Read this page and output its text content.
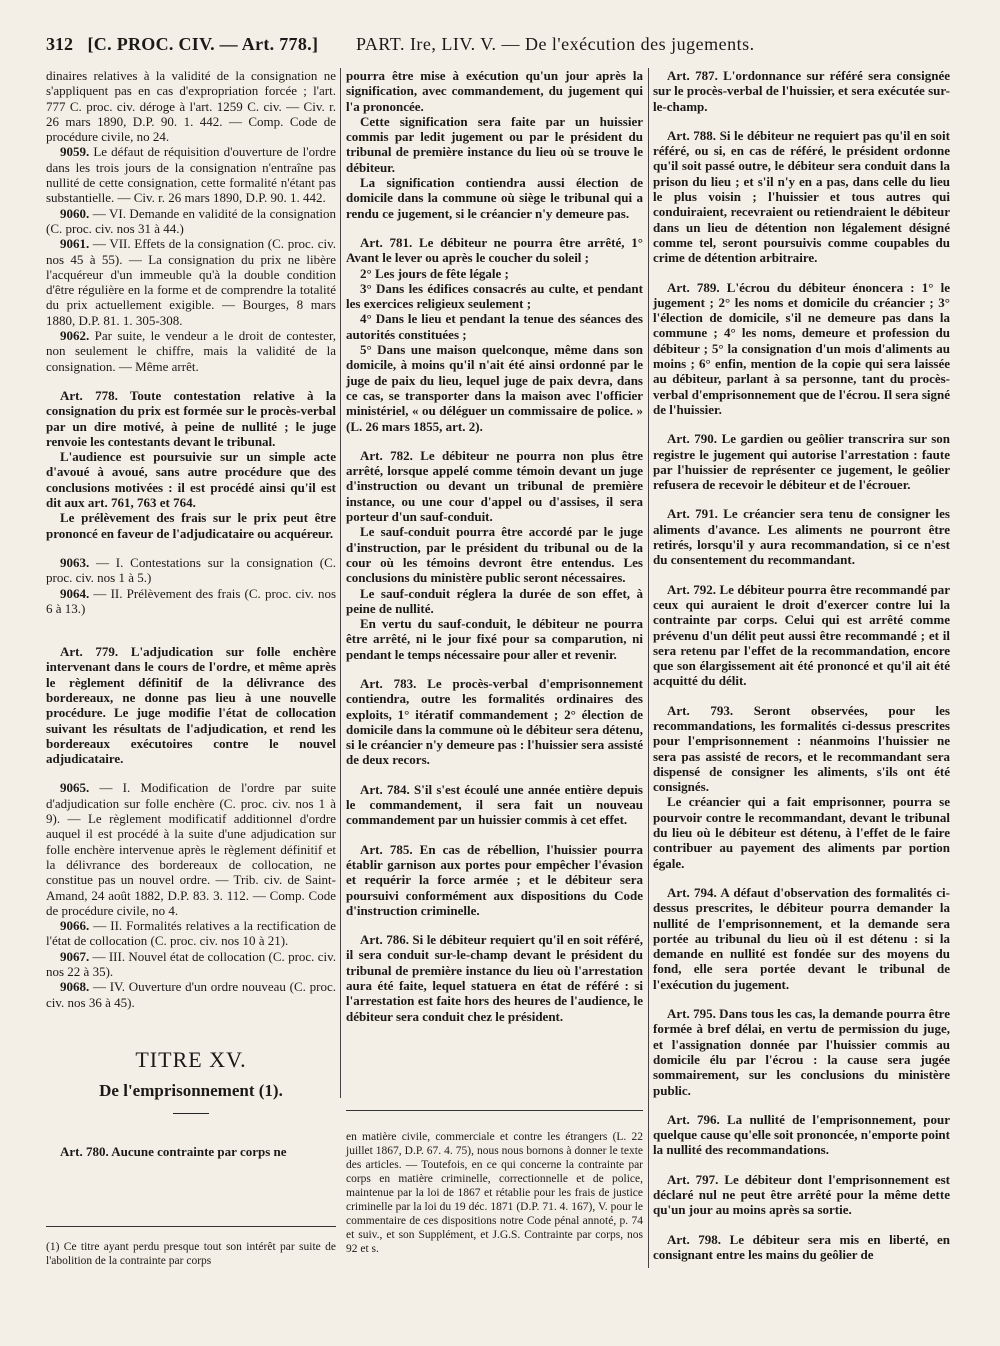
312 [C. PROC. CIV. — Art. 778.] PART. Ire, LIV. V. — De l'exécution des jugements.

dinaires relatives à la validité de la consignation ne s'appliquent pas en cas d'expropriation forcée ; l'art. 777 C. proc. civ. déroge à l'art. 1259 C. civ. — Civ. r. 26 mars 1890, D.P. 90. 1. 442. — Comp. Code de procédure civile, no 24.

9059. Le défaut de réquisition d'ouverture de l'ordre dans les trois jours de la consignation n'entraîne pas nullité de cette consignation, cette formalité n'étant pas substantielle. — Civ. r. 26 mars 1890, D.P. 90. 1. 442.

9060. — VI. Demande en validité de la consignation (C. proc. civ. nos 31 à 44.)

9061. — VII. Effets de la consignation (C. proc. civ. nos 45 à 55). — La consignation du prix ne libère l'acquéreur d'un immeuble qu'à la double condition d'être régulière en la forme et de comprendre la totalité du prix actuellement exigible. — Bourges, 8 mars 1880, D.P. 81. 1. 305-308.

9062. Par suite, le vendeur a le droit de contester, non seulement le chiffre, mais la validité de la consignation. — Même arrêt.

Art. 778. Toute contestation relative à la consignation du prix est formée sur le procès-verbal par un dire motivé, à peine de nullité ; le juge renvoie les contestants devant le tribunal.

L'audience est poursuivie sur un simple acte d'avoué à avoué, sans autre procédure que des conclusions motivées : il est procédé ainsi qu'il est dit aux art. 761, 763 et 764.

Le prélèvement des frais sur le prix peut être prononcé en faveur de l'adjudicataire ou acquéreur.

9063. — I. Contestations sur la consignation (C. proc. civ. nos 1 à 5.)

9064. — II. Prélèvement des frais (C. proc. civ. nos 6 à 13.)

Art. 779. L'adjudication sur folle enchère intervenant dans le cours de l'ordre, et même après le règlement définitif de la délivrance des bordereaux, ne donne pas lieu à une nouvelle procédure. Le juge modifie l'état de collocation suivant les résultats de l'adjudication, et rend les bordereaux exécutoires contre le nouvel adjudicataire.

9065. — I. Modification de l'ordre par suite d'adjudication sur folle enchère (C. proc. civ. nos 1 à 9). — Le règlement modificatif additionnel d'ordre auquel il est procédé à la suite d'une adjudication sur folle enchère intervenue après le règlement définitif et la délivrance des bordereaux de collocation, ne constitue pas un nouvel ordre. — Trib. civ. de Saint-Amand, 24 août 1882, D.P. 83. 3. 112. — Comp. Code de procédure civile, no 4.

9066. — II. Formalités relatives a la rectification de l'état de collocation (C. proc. civ. nos 10 à 21).

9067. — III. Nouvel état de collocation (C. proc. civ. nos 22 à 35).

9068. — IV. Ouverture d'un ordre nouveau (C. proc. civ. nos 36 à 45).

TITRE XV.
De l'emprisonnement (1).

Art. 780. Aucune contrainte par corps ne

(1) Ce titre ayant perdu presque tout son intérêt par suite de l'abolition de la contrainte par corps

pourra être mise à exécution qu'un jour après la signification, avec commandement, du jugement qui l'a prononcée.

Cette signification sera faite par un huissier commis par ledit jugement ou par le président du tribunal de première instance du lieu où se trouve le débiteur.

La signification contiendra aussi élection de domicile dans la commune où siège le tribunal qui a rendu ce jugement, si le créancier n'y demeure pas.

Art. 781. Le débiteur ne pourra être arrêté, 1° Avant le lever ou après le coucher du soleil ;

2° Les jours de fête légale ;

3° Dans les édifices consacrés au culte, et pendant les exercices religieux seulement ;

4° Dans le lieu et pendant la tenue des séances des autorités constituées ;

5° Dans une maison quelconque, même dans son domicile, à moins qu'il n'ait été ainsi ordonné par le juge de paix du lieu, lequel juge de paix devra, dans ce cas, se transporter dans la maison avec l'officier ministériel, « ou déléguer un commissaire de police. » (L. 26 mars 1855, art. 2).

Art. 782. Le débiteur ne pourra non plus être arrêté, lorsque appelé comme témoin devant un juge d'instruction ou devant un tribunal de première instance, ou une cour d'appel ou d'assises, il sera porteur d'un sauf-conduit.

Le sauf-conduit pourra être accordé par le juge d'instruction, par le président du tribunal ou de la cour où les témoins devront être entendus. Les conclusions du ministère public seront nécessaires.

Le sauf-conduit réglera la durée de son effet, à peine de nullité.

En vertu du sauf-conduit, le débiteur ne pourra être arrêté, ni le jour fixé pour sa comparution, ni pendant le temps nécessaire pour aller et revenir.

Art. 783. Le procès-verbal d'emprisonnement contiendra, outre les formalités ordinaires des exploits, 1° itératif commandement ; 2° élection de domicile dans la commune où le débiteur sera détenu, si le créancier n'y demeure pas : l'huissier sera assisté de deux recors.

Art. 784. S'il s'est écoulé une année entière depuis le commandement, il sera fait un nouveau commandement par un huissier commis à cet effet.

Art. 785. En cas de rébellion, l'huissier pourra établir garnison aux portes pour empêcher l'évasion et requérir la force armée ; et le débiteur sera poursuivi conformément aux dispositions du Code d'instruction criminelle.

Art. 786. Si le débiteur requiert qu'il en soit référé, il sera conduit sur-le-champ devant le président du tribunal de première instance du lieu où l'arrestation aura été faite, lequel statuera en état de référé : si l'arrestation est faite hors des heures de l'audience, le débiteur sera conduit chez le président.

en matière civile, commerciale et contre les étrangers (L. 22 juillet 1867, D.P. 67. 4. 75), nous nous bornons à donner le texte des articles. — Toutefois, en ce qui concerne la contrainte par corps en matière criminelle, correctionnelle et de police, maintenue par la loi de 1867 et rétablie pour les frais de justice criminelle par la loi du 19 déc. 1871 (D.P. 71. 4. 167), V. pour le commentaire de ces dispositions notre Code pénal annoté, p. 74 et suiv., et son Supplément, et J.G.S. Contrainte par corps, nos 92 et s.

Art. 787. L'ordonnance sur référé sera consignée sur le procès-verbal de l'huissier, et sera exécutée sur-le-champ.

Art. 788. Si le débiteur ne requiert pas qu'il en soit référé, ou si, en cas de référé, le président ordonne qu'il soit passé outre, le débiteur sera conduit dans la prison du lieu ; et s'il n'y en a pas, dans celle du lieu le plus voisin ; l'huissier et tous autres qui conduiraient, recevraient ou retiendraient le débiteur dans un lieu de détention non légalement désigné comme tel, seront poursuivis comme coupables du crime de détention arbitraire.

Art. 789. L'écrou du débiteur énoncera : 1° le jugement ; 2° les noms et domicile du créancier ; 3° l'élection de domicile, s'il ne demeure pas dans la commune ; 4° les noms, demeure et profession du débiteur ; 5° la consignation d'un mois d'aliments au moins ; 6° enfin, mention de la copie qui sera laissée au débiteur, parlant à sa personne, tant du procès-verbal d'emprisonnement que de l'écrou. Il sera signé de l'huissier.

Art. 790. Le gardien ou geôlier transcrira sur son registre le jugement qui autorise l'arrestation : faute par l'huissier de représenter ce jugement, le geôlier refusera de recevoir le débiteur et de l'écrouer.

Art. 791. Le créancier sera tenu de consigner les aliments d'avance. Les aliments ne pourront être retirés, lorsqu'il y aura recommandation, si ce n'est du consentement du recommandant.

Art. 792. Le débiteur pourra être recommandé par ceux qui auraient le droit d'exercer contre lui la contrainte par corps. Celui qui est arrêté comme prévenu d'un délit peut aussi être recommandé ; et il sera retenu par l'effet de la recommandation, encore que son élargissement ait été prononcé et qu'il ait été acquitté du délit.

Art. 793. Seront observées, pour les recommandations, les formalités ci-dessus prescrites pour l'emprisonnement : néanmoins l'huissier ne sera pas assisté de recors, et le recommandant sera dispensé de consigner les aliments, s'ils ont été consignés.

Le créancier qui a fait emprisonner, pourra se pourvoir contre le recommandant, devant le tribunal du lieu où le débiteur est détenu, à l'effet de le faire contribuer au payement des aliments par portion égale.

Art. 794. A défaut d'observation des formalités ci-dessus prescrites, le débiteur pourra demander la nullité de l'emprisonnement, et la demande sera portée au tribunal du lieu où il est détenu : si la demande en nullité est fondée sur des moyens du fond, elle sera portée devant le tribunal de l'exécution du jugement.

Art. 795. Dans tous les cas, la demande pourra être formée à bref délai, en vertu de permission du juge, et l'assignation donnée par l'huissier commis au domicile élu par l'écrou : la cause sera jugée sommairement, sur les conclusions du ministère public.

Art. 796. La nullité de l'emprisonnement, pour quelque cause qu'elle soit prononcée, n'emporte point la nullité des recommandations.

Art. 797. Le débiteur dont l'emprisonnement est déclaré nul ne peut être arrêté pour la même dette qu'un jour au moins après sa sortie.

Art. 798. Le débiteur sera mis en liberté, en consignant entre les mains du geôlier de
